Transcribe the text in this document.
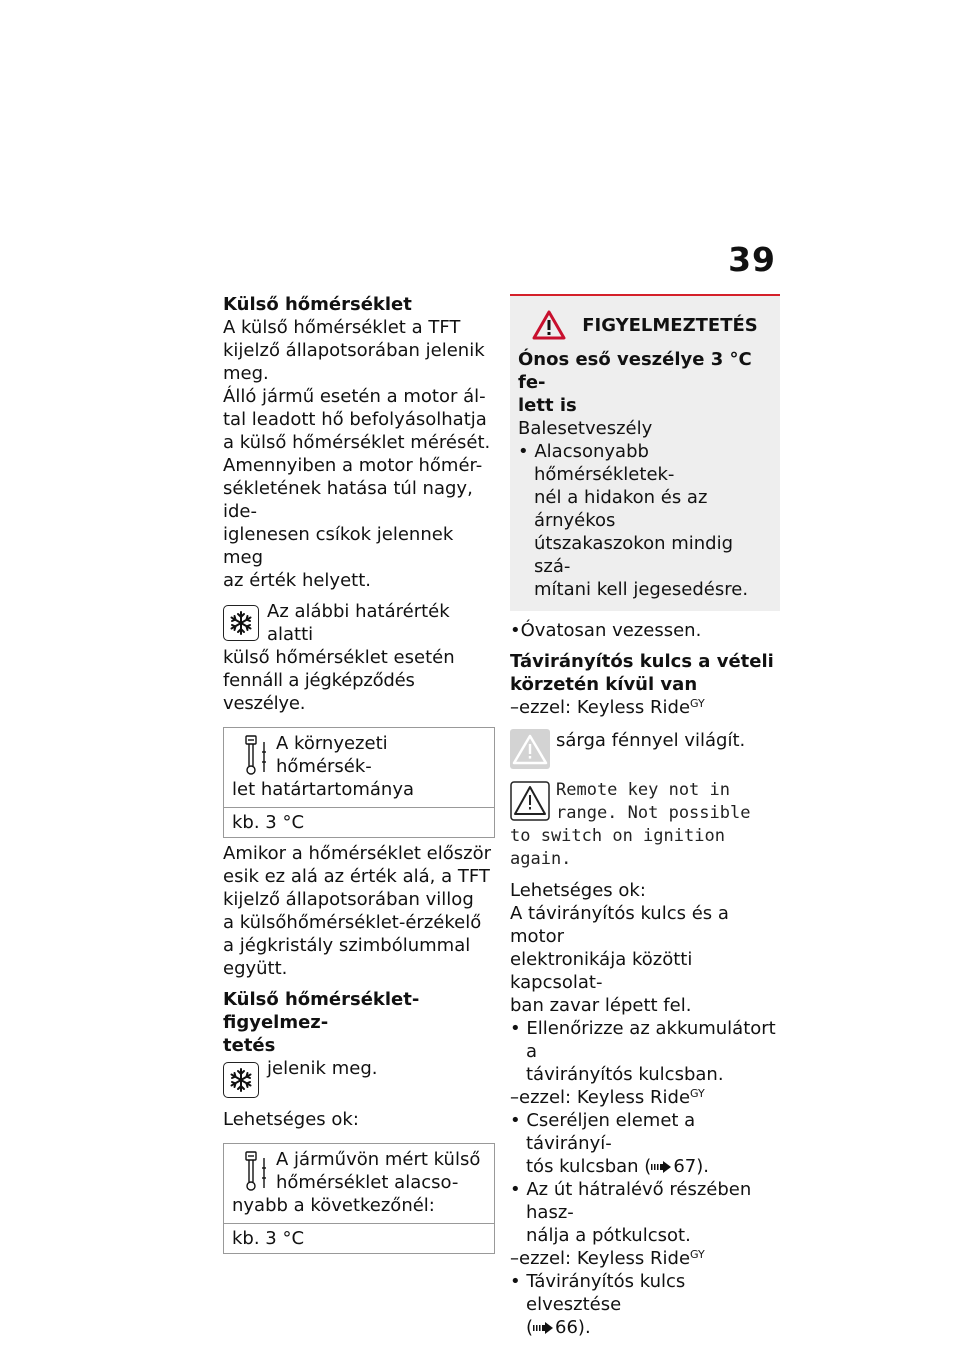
39

Külső hőmérséklet

A külső hőmérséklet a TFT

kijelző állapotsorában jelenik

meg.

Álló jármű esetén a motor ál-

tal leadott hő befolyásolhatja

a külső hőmérséklet mérését.

Amennyiben a motor hőmér-

sékletének hatása túl nagy, ide-

iglenesen csíkok jelennek meg

az érték helyett.

Az alábbi határérték alatti

külső hőmérséklet esetén

fennáll a jégképződés veszélye.

A környezeti hőmérsék-

let határtartománya

kb. 3 °C

Amikor a hőmérséklet először

esik ez alá az érték alá, a TFT

kijelző állapotsorában villog

a külsőhőmérséklet-érzékelő

a jégkristály szimbólummal

együtt.

Külső hőmérséklet-figyelmez-

tetés

jelenik meg.

Lehetséges ok:

A járművön mért külső

hőmérséklet alacso-

nyabb a következőnél:

kb. 3 °C
FIGYELMEZTETÉS

Ónos eső veszélye 3 °C fe-

lett is

Balesetveszély

• Alacsonyabb hőmérsékletek-

nél a hidakon és az árnyékos

útszakaszokon mindig szá-

mítani kell jegesedésre.

•Óvatosan vezessen.

Távirányítós kulcs a vételi

körzetén kívül van

–ezzel: Keyless Ride$^{GY}$

sárga fénnyel világít.

Remote key not in

range. Not possible

to switch on ignition

again.

Lehetséges ok:

A távirányítós kulcs és a motor

elektronikája közötti kapcsolat-

ban zavar lépett fel.

• Ellenőrizze az akkumulátort a

távirányítós kulcsban.

–ezzel: Keyless Ride$^{GY}$

• Cseréljen elemet a távirányí-

tós kulcsban ( 67).

• Az út hátralévő részében hasz-

nálja a pótkulcsot.

–ezzel: Keyless Ride$^{GY}$

• Távirányítós kulcs elvesztése

( 66).
